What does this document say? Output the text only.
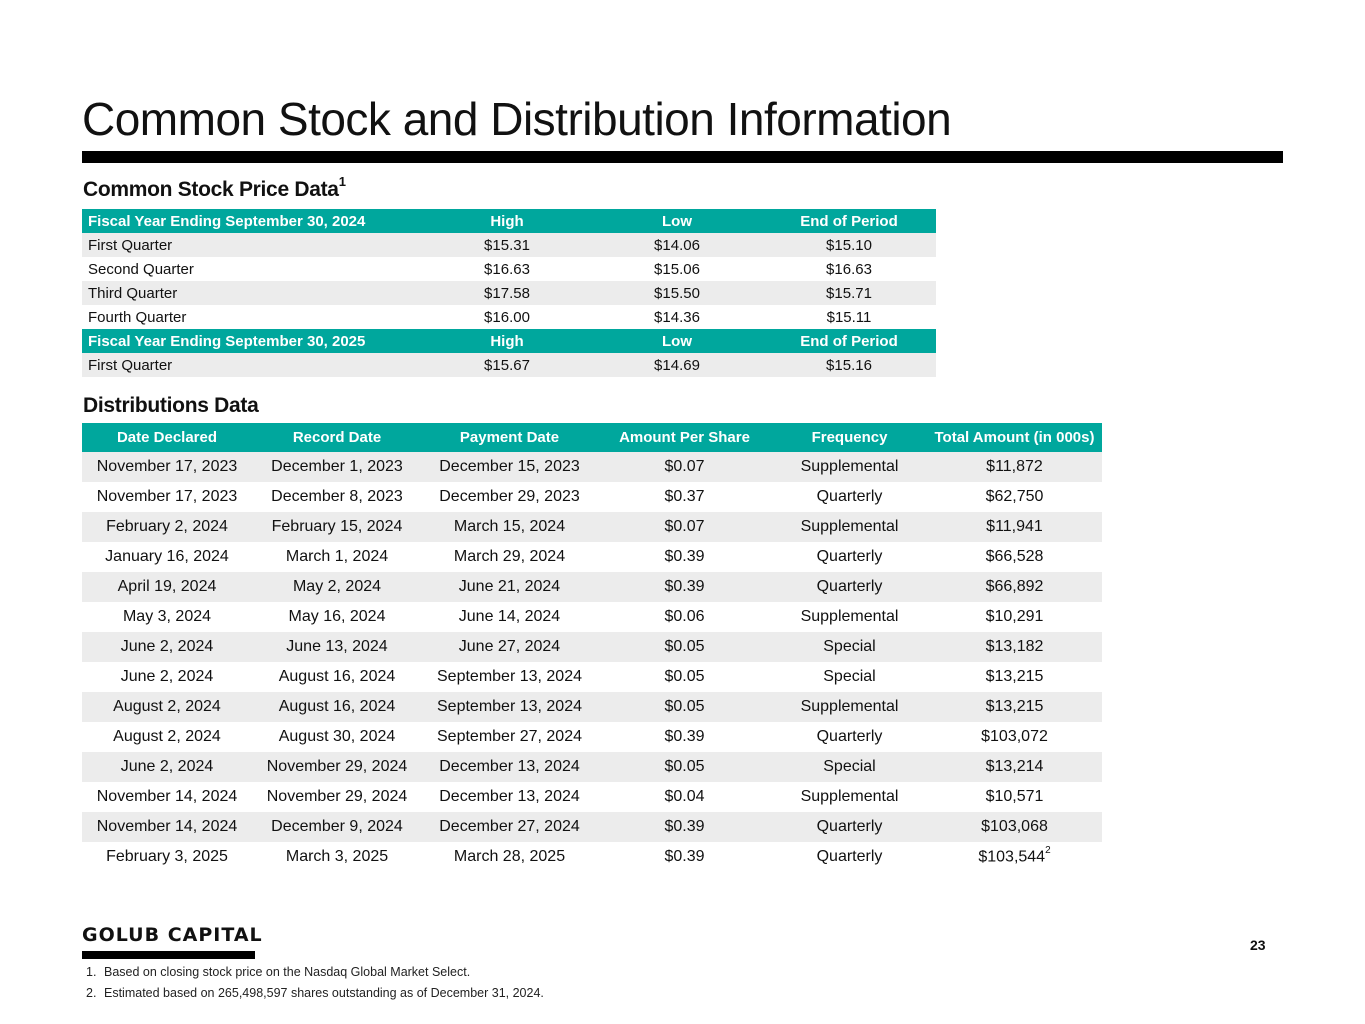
Common Stock and Distribution Information
Common Stock Price Data$^1$
Fiscal Year Ending September 30, 2024	High	Low	End of Period
First Quarter	$15.31	$14.06	$15.10
Second Quarter	$16.63	$15.06	$16.63
Third Quarter	$17.58	$15.50	$15.71
Fourth Quarter	$16.00	$14.36	$15.11
Fiscal Year Ending September 30, 2025	High	Low	End of Period
First Quarter	$15.67	$14.69	$15.16
Distributions Data
Date Declared	Record Date	Payment Date	Amount Per Share	Frequency	Total Amount (in 000s)
November 17, 2023	December 1, 2023	December 15, 2023	$0.07	Supplemental	$11,872
November 17, 2023	December 8, 2023	December 29, 2023	$0.37	Quarterly	$62,750
February 2, 2024	February 15, 2024	March 15, 2024	$0.07	Supplemental	$11,941
January 16, 2024	March 1, 2024	March 29, 2024	$0.39	Quarterly	$66,528
April 19, 2024	May 2, 2024	June 21, 2024	$0.39	Quarterly	$66,892
May 3, 2024	May 16, 2024	June 14, 2024	$0.06	Supplemental	$10,291
June 2, 2024	June 13, 2024	June 27, 2024	$0.05	Special	$13,182
June 2, 2024	August 16, 2024	September 13, 2024	$0.05	Special	$13,215
August 2, 2024	August 16, 2024	September 13, 2024	$0.05	Supplemental	$13,215
August 2, 2024	August 30, 2024	September 27, 2024	$0.39	Quarterly	$103,072
June 2, 2024	November 29, 2024	December 13, 2024	$0.05	Special	$13,214
November 14, 2024	November 29, 2024	December 13, 2024	$0.04	Supplemental	$10,571
November 14, 2024	December 9, 2024	December 27, 2024	$0.39	Quarterly	$103,068
February 3, 2025	March 3, 2025	March 28, 2025	$0.39	Quarterly	$103,544$^2$
GOLUB CAPITAL	23
1. Based on closing stock price on the Nasdaq Global Market Select.
2. Estimated based on 265,498,597 shares outstanding as of December 31, 2024.
